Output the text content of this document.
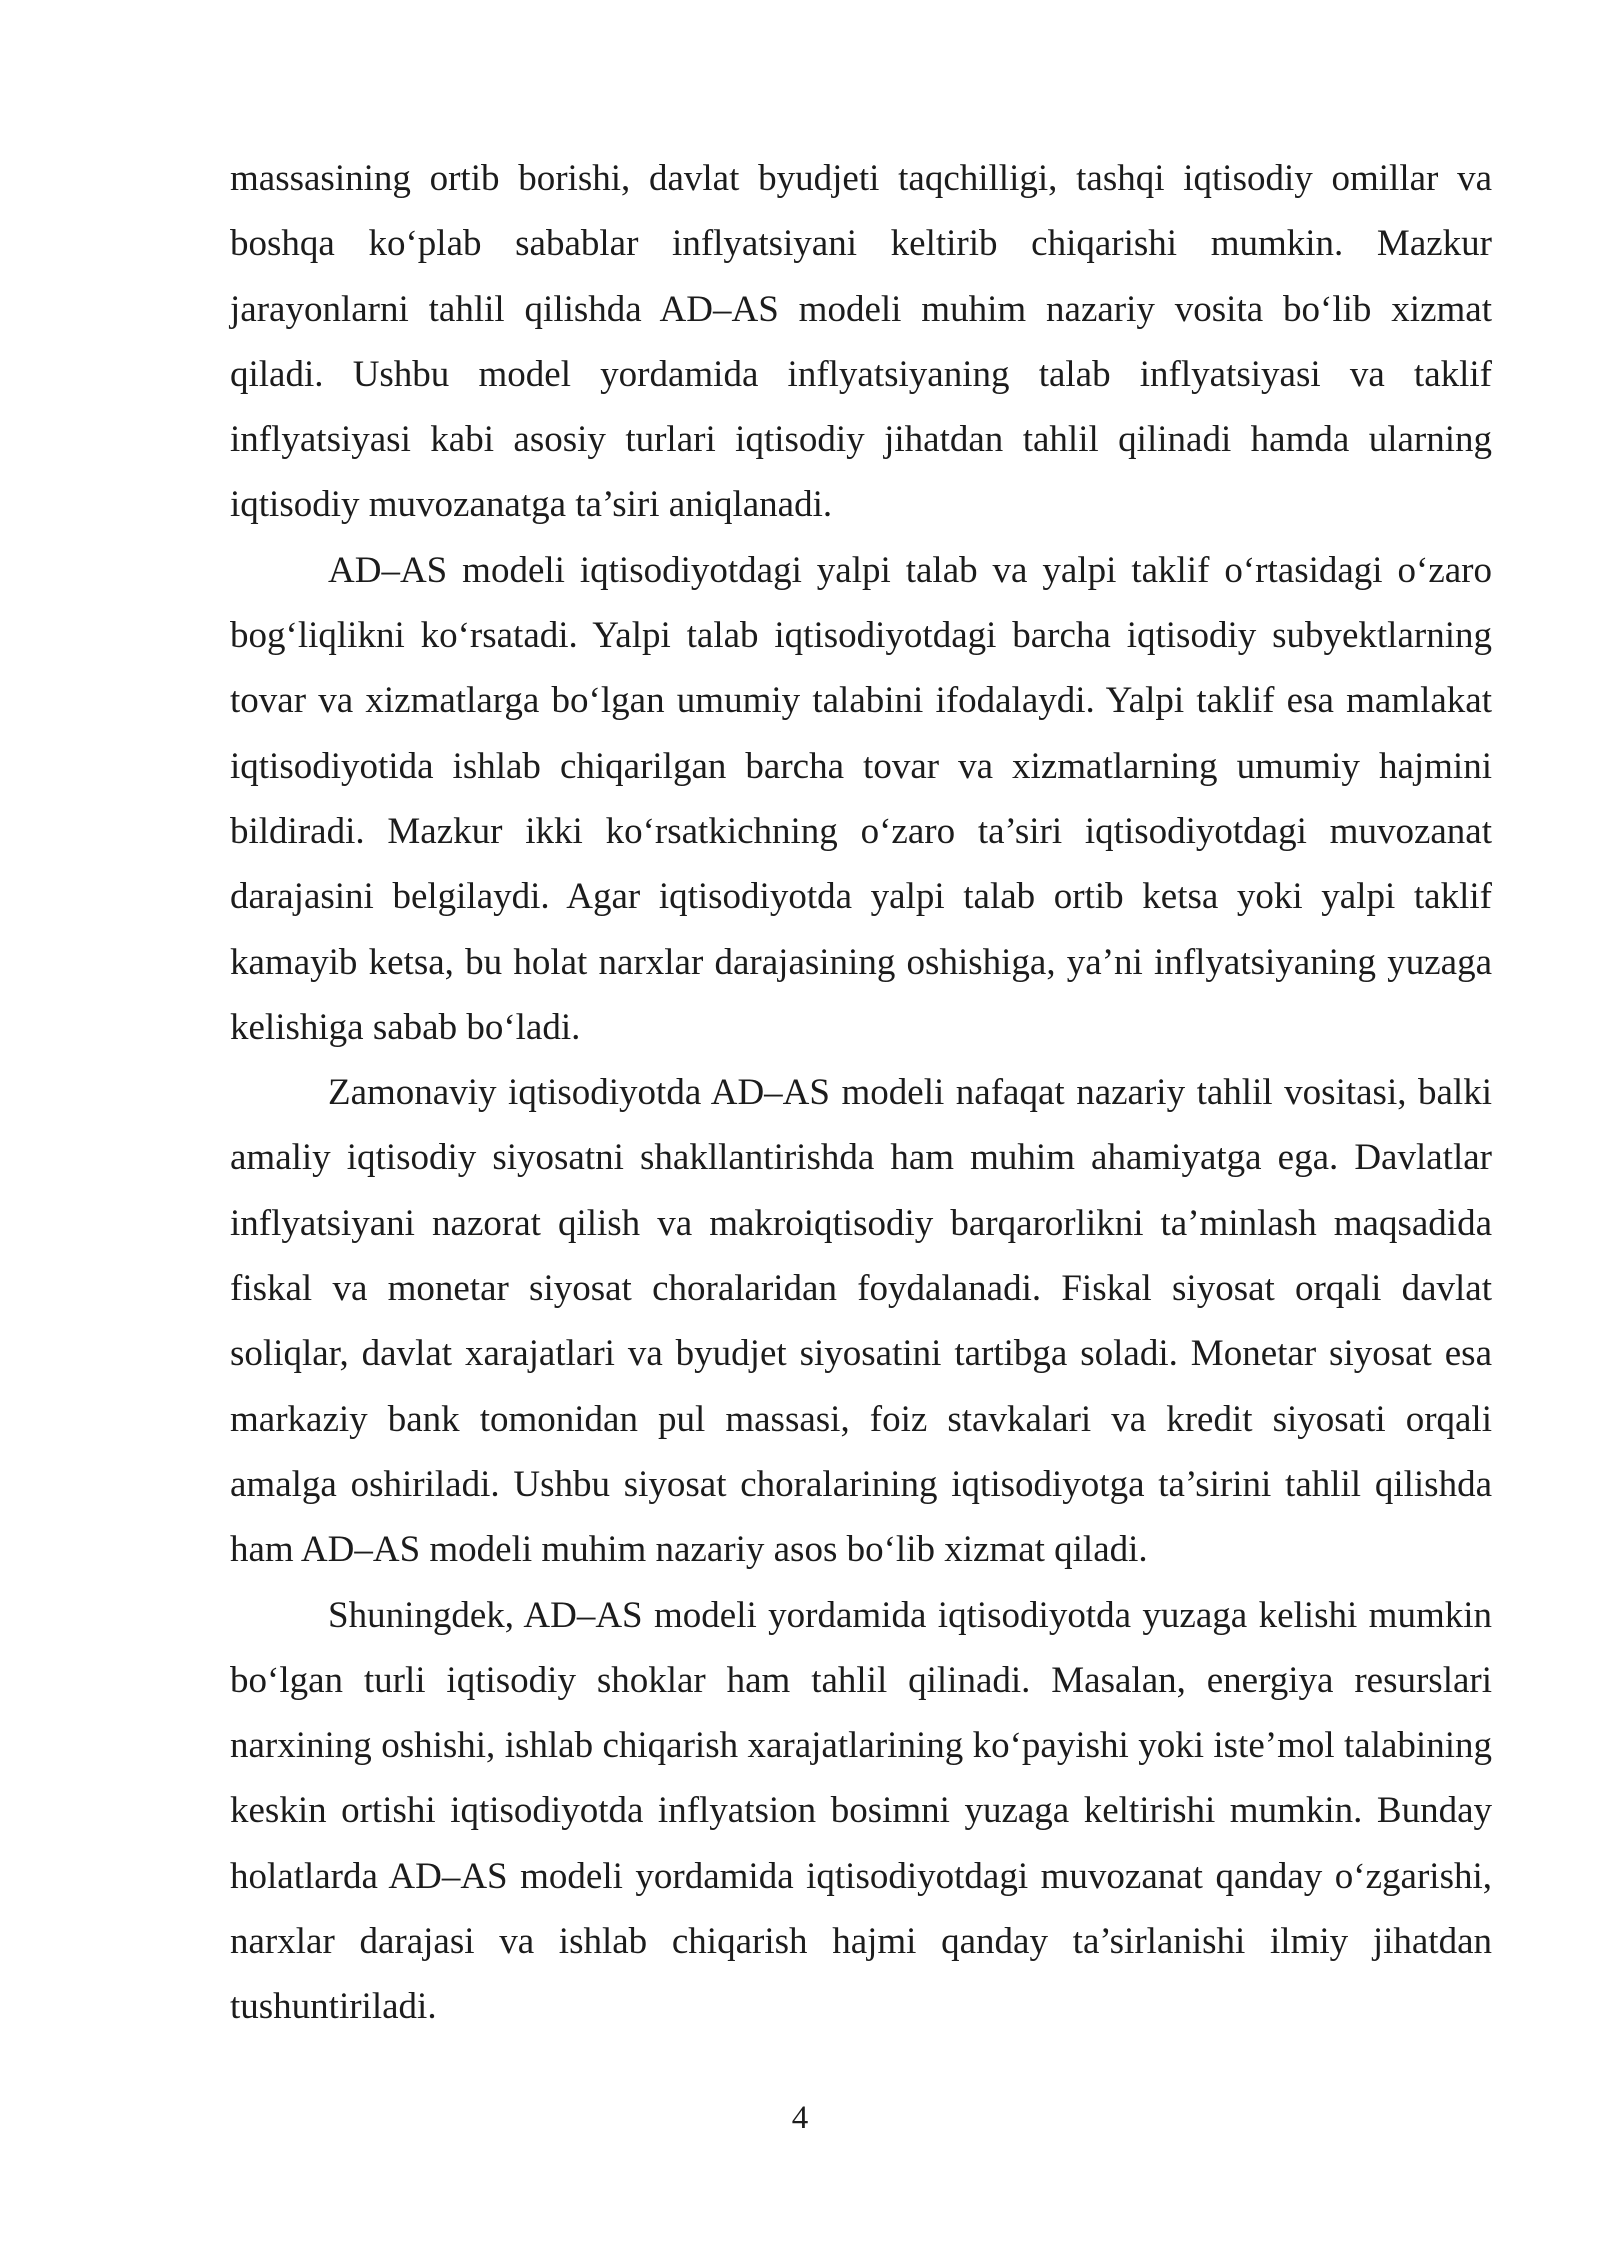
massasining ortib borishi, davlat byudjeti taqchilligi, tashqi iqtisodiy omillar va boshqa ko‘plab sabablar inflyatsiyani keltirib chiqarishi mumkin. Mazkur jarayonlarni tahlil qilishda AD–AS modeli muhim nazariy vosita bo‘lib xizmat qiladi. Ushbu model yordamida inflyatsiyaning talab inflyatsiyasi va taklif inflyatsiyasi kabi asosiy turlari iqtisodiy jihatdan tahlil qilinadi hamda ularning iqtisodiy muvozanatga ta’siri aniqlanadi.

AD–AS modeli iqtisodiyotdagi yalpi talab va yalpi taklif o‘rtasidagi o‘zaro bog‘liqlikni ko‘rsatadi. Yalpi talab iqtisodiyotdagi barcha iqtisodiy subyektlarning tovar va xizmatlarga bo‘lgan umumiy talabini ifodalaydi. Yalpi taklif esa mamlakat iqtisodiyotida ishlab chiqarilgan barcha tovar va xizmatlarning umumiy hajmini bildiradi. Mazkur ikki ko‘rsatkichning o‘zaro ta’siri iqtisodiyotdagi muvozanat darajasini belgilaydi. Agar iqtisodiyotda yalpi talab ortib ketsa yoki yalpi taklif kamayib ketsa, bu holat narxlar darajasining oshishiga, ya’ni inflyatsiyaning yuzaga kelishiga sabab bo‘ladi.

Zamonaviy iqtisodiyotda AD–AS modeli nafaqat nazariy tahlil vositasi, balki amaliy iqtisodiy siyosatni shakllantirishda ham muhim ahamiyatga ega. Davlatlar inflyatsiyani nazorat qilish va makroiqtisodiy barqarorlikni ta’minlash maqsadida fiskal va monetar siyosat choralaridan foydalanadi. Fiskal siyosat orqali davlat soliqlar, davlat xarajatlari va byudjet siyosatini tartibga soladi. Monetar siyosat esa markaziy bank tomonidan pul massasi, foiz stavkalari va kredit siyosati orqali amalga oshiriladi. Ushbu siyosat choralarining iqtisodiyotga ta’sirini tahlil qilishda ham AD–AS modeli muhim nazariy asos bo‘lib xizmat qiladi.

Shuningdek, AD–AS modeli yordamida iqtisodiyotda yuzaga kelishi mumkin bo‘lgan turli iqtisodiy shoklar ham tahlil qilinadi. Masalan, energiya resurslari narxining oshishi, ishlab chiqarish xarajatlarining ko‘payishi yoki iste’mol talabining keskin ortishi iqtisodiyotda inflyatsion bosimni yuzaga keltirishi mumkin. Bunday holatlarda AD–AS modeli yordamida iqtisodiyotdagi muvozanat qanday o‘zgarishi, narxlar darajasi va ishlab chiqarish hajmi qanday ta’sirlanishi ilmiy jihatdan tushuntiriladi.

4
